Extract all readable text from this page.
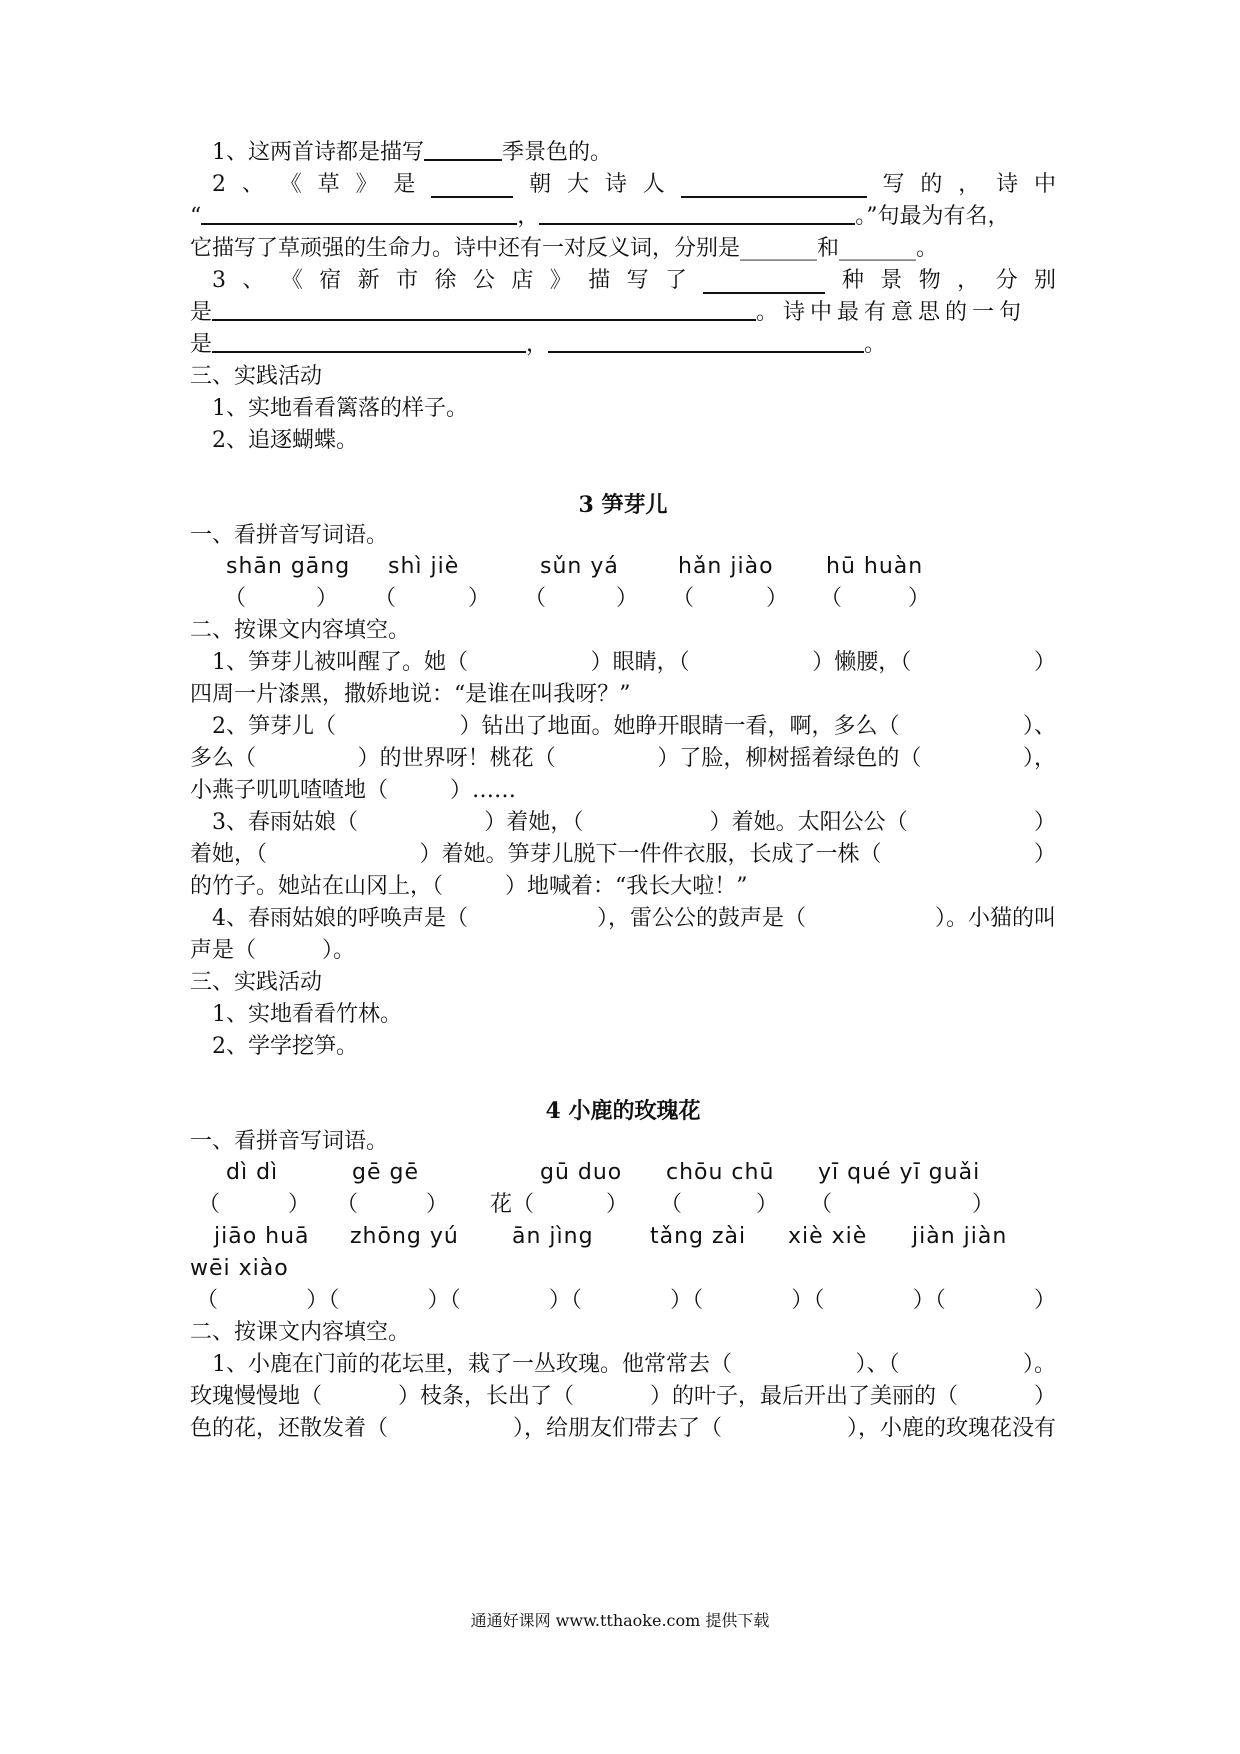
1、这两首诗都是描写	季景色的。
2 、 《 草 》 是	朝 大 诗 人	写 的 ， 诗 中
“	，	。”句最为有名，
它描写了草顽强的生命力。诗中还有一对反义词，分别是_______和_______。
3 、 《 宿 新 市 徐 公 店 》 描 写 了	种 景 物 ， 分 别
是	。诗中最有意思的一句
是	，	。
三、实践活动
1、实地看看篱落的样子。
2、追逐蝴蝶。
3 笋芽儿
一、看拼音写词语。
shān gāng shì jiè	sǔn yá	hǎn jiào hū huàn
（	） （	） （	） （	） （	）
二、按课文内容填空。
1、笋芽儿被叫醒了。她（	）眼睛，（	）懒腰，（	）
四周一片漆黑，撒娇地说：“是谁在叫我呀？”
2、笋芽儿（	）钻出了地面。她睁开眼睛一看，啊，多么（	）、
多么（	）的世界呀！桃花（	）了脸，柳树摇着绿色的（	），
小燕子叽叽喳喳地（	）……
3、春雨姑娘（	）着她，（	）着她。太阳公公（	）
着她，（	）着她。笋芽儿脱下一件件衣服，长成了一株（	）
的竹子。她站在山冈上，（	）地喊着：“我长大啦！”
4、春雨姑娘的呼唤声是（	），雷公公的鼓声是（	）。小猫的叫
声是（	）。
三、实践活动
1、实地看看竹林。
2、学学挖笋。
4 小鹿的玫瑰花
一、看拼音写词语。
dì dì	gē gē	gū duo chōu chū yī qué yī guǎi
（	） （	） 花（	） （	） （	）
jiāo huā zhōng yú ān jìng	tǎng zài xiè xiè jiàn jiàn
wēi xiào
（	）（	）（	）（	）（	）（	）（	）
二、按课文内容填空。
1、小鹿在门前的花坛里，栽了一丛玫瑰。他常常去（	）、（	）。
玫瑰慢慢地（	）枝条，长出了（	）的叶子，最后开出了美丽的（	）
色的花，还散发着（	），给朋友们带去了（	），小鹿的玫瑰花没有
通通好课网 www.tthaoke.com 提供下载
